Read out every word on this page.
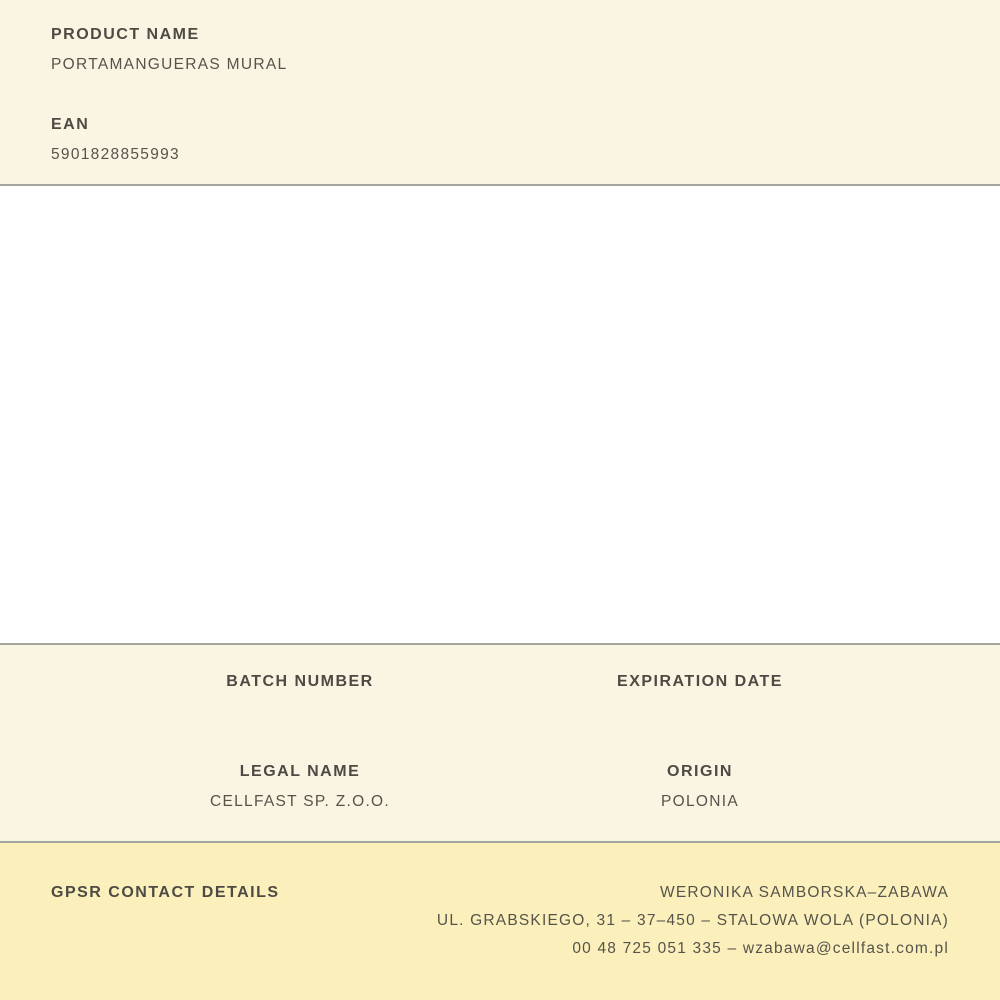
PRODUCT NAME
PORTAMANGUERAS MURAL
EAN
5901828855993
BATCH NUMBER	EXPIRATION DATE
LEGAL NAME
CELLFAST SP. Z.O.O.
ORIGIN
POLONIA
GPSR CONTACT DETAILS	WERONIKA SAMBORSKA–ZABAWA
UL. GRABSKIEGO, 31 – 37–450 – STALOWA WOLA (POLONIA)
00 48 725 051 335 – wzabawa@cellfast.com.pl
